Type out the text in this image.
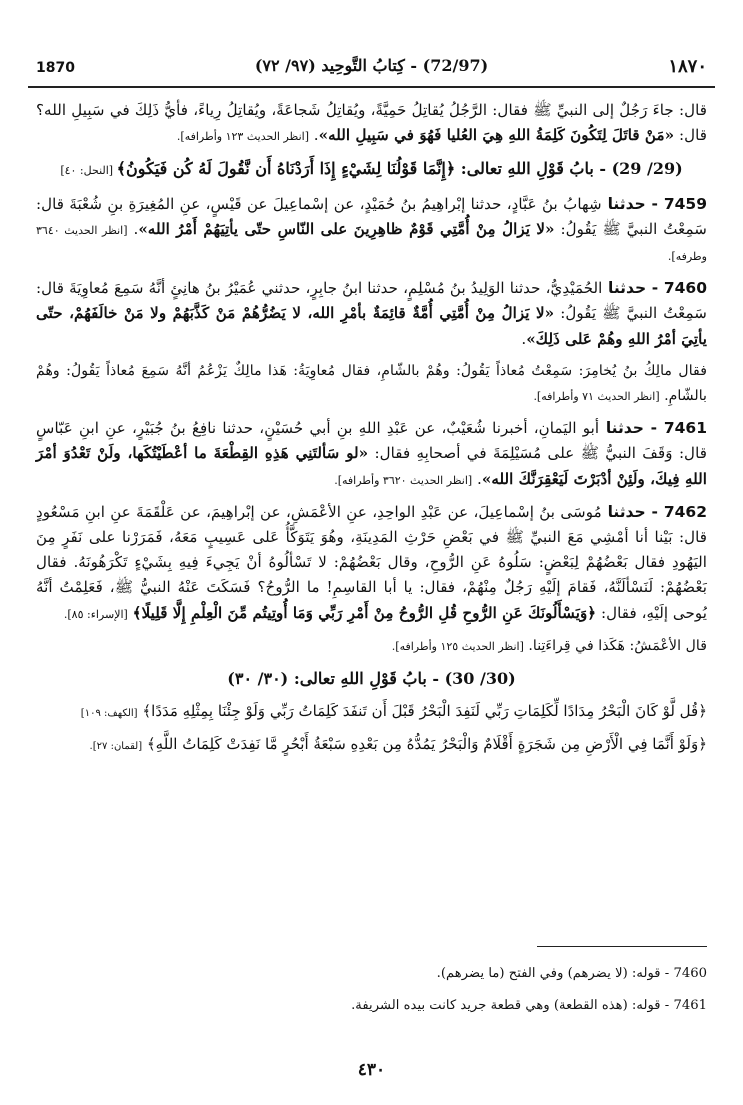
1870	(72/97) - كِتابُ التَّوحِيد (٩٧/ ٧٢)	١٨٧٠
قال: جاءَ رَجُلٌ إلى النبيِّ ﷺ فقال: الرَّجُلُ يُقاتِلُ حَمِيَّةً، ويُقاتِلُ شَجاعَةً، ويُقاتِلُ رِياءً، فأيُّ ذَلِكَ في سَبِيلِ الله؟ قال: «مَنْ قاتَلَ لِتَكُونَ كَلِمَةُ اللهِ هِيَ العُليا فَهُوَ في سَبِيلِ الله». [انظر الحديث ١٢٣ وأطرافه].
(29/ 29) - بابُ قَوْلِ اللهِ تعالى: ﴿إِنَّمَا قَوْلُنَا لِشَيْءٍ إِذَا أَرَدْنَاهُ أَن نَّقُولَ لَهُ كُن فَيَكُونُ﴾ [النحل: ٤٠]
7459 - حدثنا شِهابُ بنُ عَبَّادٍ، حدثنا إبْراهِيمُ بنُ حُمَيْدٍ، عن إسْماعِيلَ عن قَيْسٍ، عنِ المُغِيرَةِ بنِ شُعْبَةَ قال: سَمِعْتُ النبيَّ ﷺ يَقُولُ: «لا يَزالُ مِنْ أُمَّتِي قَوْمٌ ظاهِرِينَ على النّاسِ حتّى يأتِيَهُمْ أَمْرُ الله». [انظر الحديث ٣٦٤٠ وطرفه].
7460 - حدثنا الحُمَيْدِيُّ، حدثنا الوَلِيدُ بنُ مُسْلِمٍ، حدثنا ابنُ جابِرٍ، حدثني عُمَيْرُ بنُ هانِئٍ أنَّهُ سَمِعَ مُعاوِيَةَ قال: سَمِعْتُ النبيَّ ﷺ يَقُولُ: «لا يَزالُ مِنْ أُمَّتِي أُمَّةٌ قائِمَةٌ بأمْرِ الله، لا يَضُرُّهُمْ مَنْ كَذَّبَهُمْ ولا مَنْ خالَفَهُمْ، حتّى يأتِيَ أمْرُ اللهِ وهُمْ عَلى ذَلِكَ».
فقال مالِكُ بنُ يُخامِرَ: سَمِعْتُ مُعاذاً يَقُولُ: وهُمْ بالشّامِ، فقال مُعاوِيَةُ: هَذا مالِكٌ يَزْعُمُ أنَّهُ سَمِعَ مُعاذاً يَقُولُ: وهُمْ بالشّامِ. [انظر الحديث ٧١ وأطرافه].
7461 - حدثنا أبو اليَمانِ، أخبرنا شُعَيْبٌ، عن عَبْدِ اللهِ بنِ أبي حُسَيْنٍ، حدثنا نافِعُ بنُ جُبَيْرٍ، عنِ ابنِ عَبّاسٍ قال: وَقَفَ النبيُّ ﷺ على مُسَيْلِمَةَ في أصحابِهِ فقال: «لو سَألتَنِي هَذِهِ القِطْعَةَ ما أعْطَيْتُكَها، ولَنْ تَعْدُوَ أمْرَ اللهِ فِيكَ، ولَئِنْ أدْبَرْتَ لَيَعْقِرَنَّكَ الله». [انظر الحديث ٣٦٢٠ وأطرافه].
7462 - حدثنا مُوسَى بنُ إسْماعِيلَ، عن عَبْدِ الواحِدِ، عنِ الأعْمَشِ، عن إبْراهِيمَ، عن عَلْقَمَةَ عنِ ابنِ مَسْعُودٍ قال: بَيْنا أنا أمْشِي مَعَ النبيِّ ﷺ في بَعْضِ حَرْثِ المَدِينَةِ، وهُوَ يَتَوَكَّأُ عَلى عَسِيبٍ مَعَهُ، فَمَرَرْنا على نَفَرٍ مِنَ اليَهُودِ فقال بَعْضُهُمْ لِبَعْضٍ: سَلُوهُ عَنِ الرُّوحِ، وقال بَعْضُهُمْ: لا تَسْألُوهُ أنْ يَجِيءَ فِيهِ بِشَيْءٍ تَكْرَهُونَهُ. فقال بَعْضُهُمْ: لَنَسْألَنَّهُ، فَقامَ إلَيْهِ رَجُلٌ مِنْهُمْ، فقال: يا أبا القاسِمِ! ما الرُّوحُ؟ فَسَكَتَ عَنْهُ النبيُّ ﷺ، فَعَلِمْتُ أنَّهُ يُوحى إلَيْهِ، فقال: ﴿وَيَسْأَلُونَكَ عَنِ الرُّوحِ قُلِ الرُّوحُ مِنْ أَمْرِ رَبِّي وَمَا أُوتِيتُم مِّنَ الْعِلْمِ إِلَّا قَلِيلًا﴾ [الإسراء: ٨٥].
قال الأعْمَشُ: هَكَذا في قِراءَتِنا. [انظر الحديث ١٢٥ وأطرافه].
(30/ 30) - بابُ قَوْلِ اللهِ تعالى: (٣٠/ ٣٠)
﴿قُل لَّوْ كَانَ الْبَحْرُ مِدَادًا لِّكَلِمَاتِ رَبِّي لَنَفِدَ الْبَحْرُ قَبْلَ أَن تَنفَدَ كَلِمَاتُ رَبِّي وَلَوْ جِئْنَا بِمِثْلِهِ مَدَدًا﴾ [الكهف: ١٠٩]
﴿وَلَوْ أَنَّمَا فِي الْأَرْضِ مِن شَجَرَةٍ أَقْلَامٌ وَالْبَحْرُ يَمُدُّهُ مِن بَعْدِهِ سَبْعَةُ أَبْحُرٍ مَّا نَفِدَتْ كَلِمَاتُ اللَّهِ﴾ [لقمان: ٢٧].
7460 - قوله: (لا يضرهم) وفي الفتح (ما يضرهم).
7461 - قوله: (هذه القطعة) وهي قطعة جريد كانت بيده الشريفة.
٤٣٠
